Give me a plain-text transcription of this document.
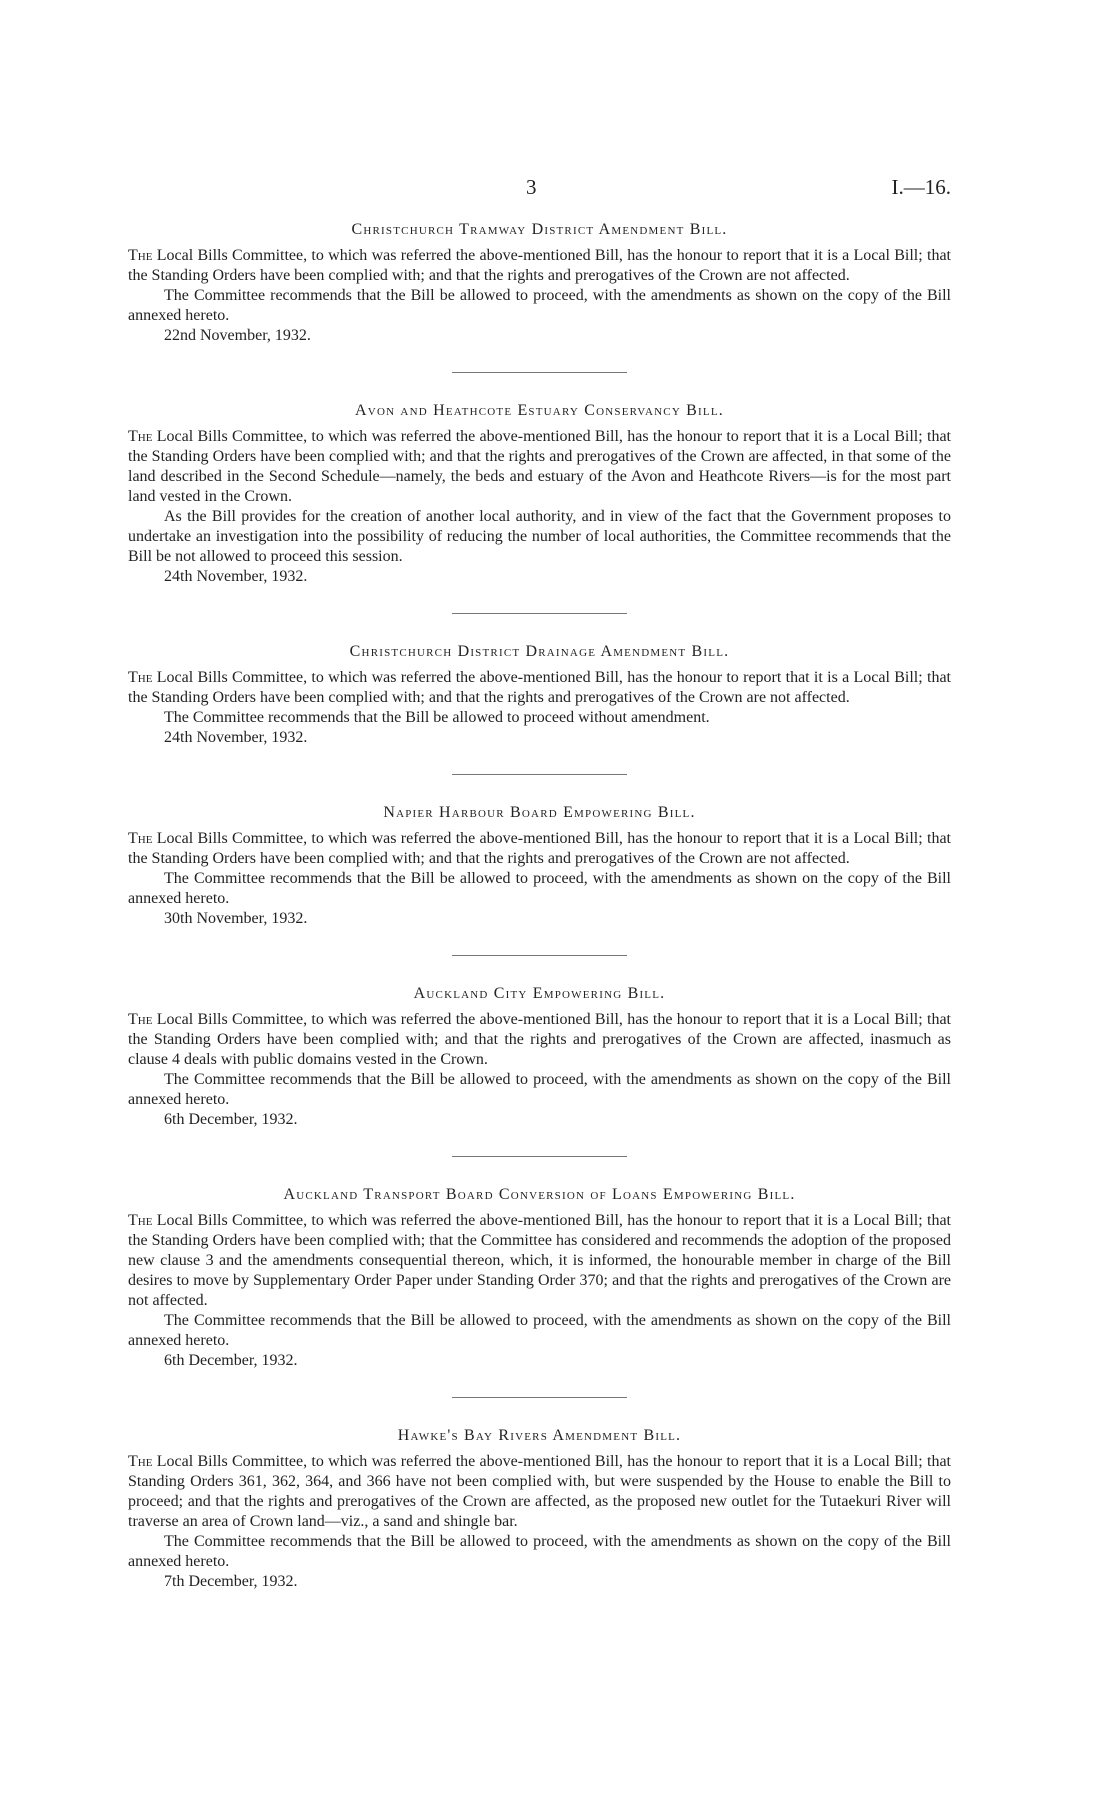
3	I.—16.

Christchurch Tramway District Amendment Bill.

The Local Bills Committee, to which was referred the above-mentioned Bill, has the honour to report that it is a Local Bill; that the Standing Orders have been complied with; and that the rights and prerogatives of the Crown are not affected.

The Committee recommends that the Bill be allowed to proceed, with the amendments as shown on the copy of the Bill annexed hereto.

22nd November, 1932.

Avon and Heathcote Estuary Conservancy Bill.

The Local Bills Committee, to which was referred the above-mentioned Bill, has the honour to report that it is a Local Bill; that the Standing Orders have been complied with; and that the rights and prerogatives of the Crown are affected, in that some of the land described in the Second Schedule—namely, the beds and estuary of the Avon and Heathcote Rivers—is for the most part land vested in the Crown.

As the Bill provides for the creation of another local authority, and in view of the fact that the Government proposes to undertake an investigation into the possibility of reducing the number of local authorities, the Committee recommends that the Bill be not allowed to proceed this session.

24th November, 1932.

Christchurch District Drainage Amendment Bill.

The Local Bills Committee, to which was referred the above-mentioned Bill, has the honour to report that it is a Local Bill; that the Standing Orders have been complied with; and that the rights and prerogatives of the Crown are not affected.

The Committee recommends that the Bill be allowed to proceed without amendment.

24th November, 1932.

Napier Harbour Board Empowering Bill.

The Local Bills Committee, to which was referred the above-mentioned Bill, has the honour to report that it is a Local Bill; that the Standing Orders have been complied with; and that the rights and prerogatives of the Crown are not affected.

The Committee recommends that the Bill be allowed to proceed, with the amendments as shown on the copy of the Bill annexed hereto.

30th November, 1932.

Auckland City Empowering Bill.

The Local Bills Committee, to which was referred the above-mentioned Bill, has the honour to report that it is a Local Bill; that the Standing Orders have been complied with; and that the rights and prerogatives of the Crown are affected, inasmuch as clause 4 deals with public domains vested in the Crown.

The Committee recommends that the Bill be allowed to proceed, with the amendments as shown on the copy of the Bill annexed hereto.

6th December, 1932.

Auckland Transport Board Conversion of Loans Empowering Bill.

The Local Bills Committee, to which was referred the above-mentioned Bill, has the honour to report that it is a Local Bill; that the Standing Orders have been complied with; that the Committee has considered and recommends the adoption of the proposed new clause 3 and the amendments consequential thereon, which, it is informed, the honourable member in charge of the Bill desires to move by Supplementary Order Paper under Standing Order 370; and that the rights and prerogatives of the Crown are not affected.

The Committee recommends that the Bill be allowed to proceed, with the amendments as shown on the copy of the Bill annexed hereto.

6th December, 1932.

Hawke's Bay Rivers Amendment Bill.

The Local Bills Committee, to which was referred the above-mentioned Bill, has the honour to report that it is a Local Bill; that Standing Orders 361, 362, 364, and 366 have not been complied with, but were suspended by the House to enable the Bill to proceed; and that the rights and prerogatives of the Crown are affected, as the proposed new outlet for the Tutaekuri River will traverse an area of Crown land—viz., a sand and shingle bar.

The Committee recommends that the Bill be allowed to proceed, with the amendments as shown on the copy of the Bill annexed hereto.

7th December, 1932.
